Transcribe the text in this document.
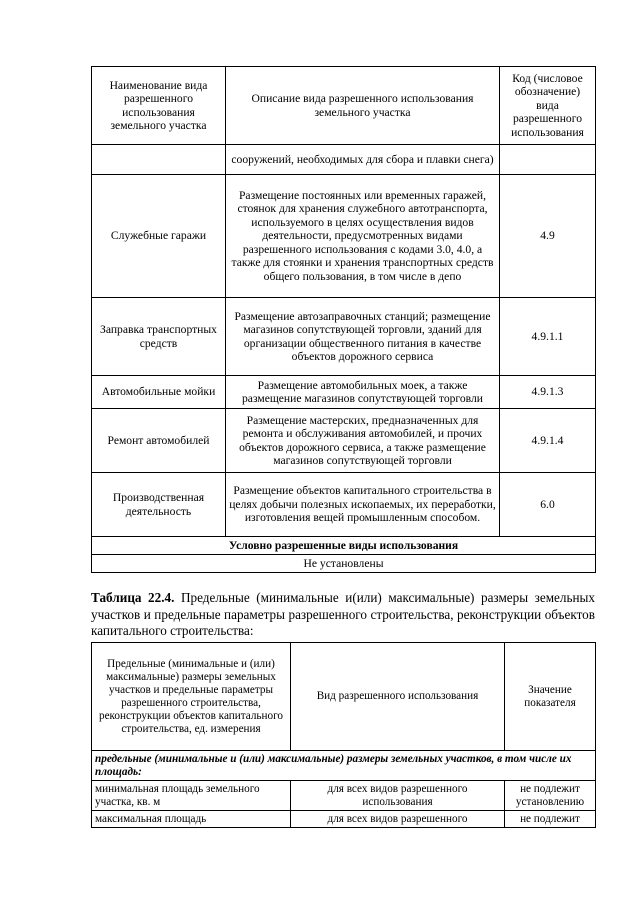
Наименование вида разрешенного использования земельного участка	Описание вида разрешенного использования земельного участка	Код (числовое обозначение) вида разрешенного использования
	сооружений, необходимых для сбора и плавки снега)	
Служебные гаражи	Размещение постоянных или временных гаражей, стоянок для хранения служебного автотранспорта, используемого в целях осуществления видов деятельности, предусмотренных видами разрешенного использования с кодами 3.0, 4.0, а также для стоянки и хранения транспортных средств общего пользования, в том числе в депо	4.9
Заправка транспортных средств	Размещение автозаправочных станций; размещение магазинов сопутствующей торговли, зданий для организации общественного питания в качестве объектов дорожного сервиса	4.9.1.1
Автомобильные мойки	Размещение автомобильных моек, а также размещение магазинов сопутствующей торговли	4.9.1.3
Ремонт автомобилей	Размещение мастерских, предназначенных для ремонта и обслуживания автомобилей, и прочих объектов дорожного сервиса, а также размещение магазинов сопутствующей торговли	4.9.1.4
Производственная деятельность	Размещение объектов капитального строительства в целях добычи полезных ископаемых, их переработки, изготовления вещей промышленным способом.	6.0
Условно разрешенные виды использования		
Не установлены		
Таблица 22.4. Предельные (минимальные и(или) максимальные) размеры земельных участков и предельные параметры разрешенного строительства, реконструкции объектов капитального строительства:
Предельные (минимальные и (или) максимальные) размеры земельных участков и предельные параметры разрешенного строительства, реконструкции объектов капитального строительства, ед. измерения	Вид разрешенного использования	Значение показателя
предельные (минимальные и (или) максимальные) размеры земельных участков, в том числе их площадь:		
минимальная площадь земельного участка, кв. м	для всех видов разрешенного использования	не подлежит установлению
максимальная площадь	для всех видов разрешенного	не подлежит
